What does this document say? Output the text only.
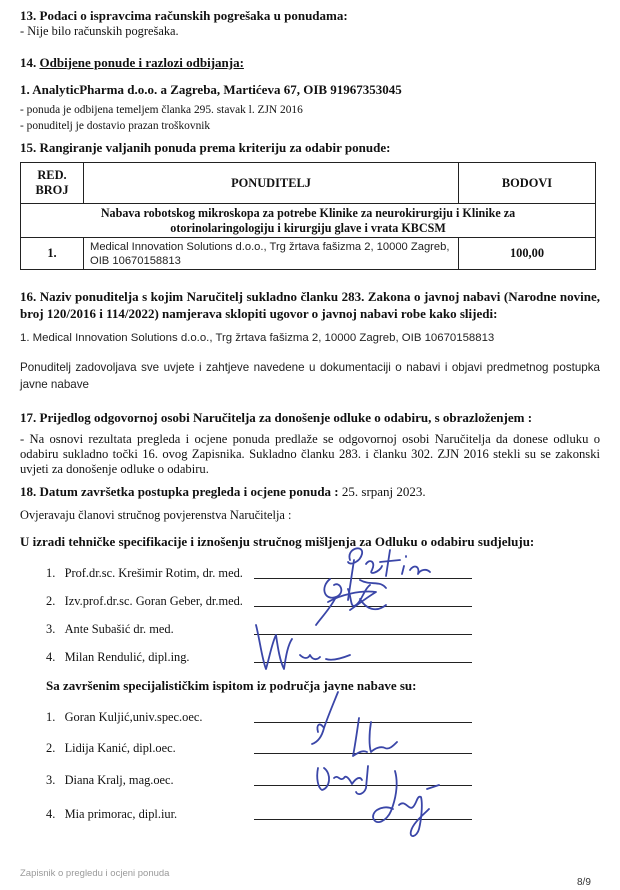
13. Podaci o ispravcima računskih pogrešaka u ponudama:
- Nije bilo računskih pogrešaka.
14. Odbijene ponude i razlozi odbijanja:
1. AnalyticPharma d.o.o. a Zagreba, Martićeva 67, OIB 91967353045
- ponuda je odbijena temeljem članka 295. stavak l. ZJN 2016
- ponuditelj je dostavio prazan troškovnik
15. Rangiranje valjanih ponuda prema kriteriju za odabir ponude:
RED. BROJ	PONUDITELJ	BODOVI
Nabava robotskog mikroskopa za potrebe Klinike za neurokirurgiju i Klinike za otorinolaringologiju i kirurgiju glave i vrata KBCSM		
1.	Medical Innovation Solutions d.o.o., Trg žrtava fašizma 2, 10000 Zagreb, OIB 10670158813	100,00
16. Naziv ponuditelja s kojim Naručitelj sukladno članku 283. Zakona o javnoj nabavi (Narodne novine, broj 120/2016 i 114/2022) namjerava sklopiti ugovor o javnoj nabavi robe kako slijedi:
1. Medical Innovation Solutions d.o.o., Trg žrtava fašizma 2, 10000 Zagreb, OIB 10670158813
Ponuditelj zadovoljava sve uvjete i zahtjeve navedene u dokumentaciji o nabavi i objavi predmetnog postupka javne nabave
17. Prijedlog odgovornoj osobi Naručitelja za donošenje odluke o odabiru, s obrazloženjem :
- Na osnovi rezultata pregleda i ocjene ponuda predlaže se odgovornoj osobi Naručitelja da donese odluku o odabiru sukladno točki 16. ovog Zapisnika. Sukladno članku 283. i članku 302. ZJN 2016 stekli su se zakonski uvjeti za donošenje odluke o odabiru.
18. Datum završetka postupka pregleda i ocjene ponuda : 25. srpanj 2023.
Ovjeravaju članovi stručnog povjerenstva Naručitelja :
U izradi tehničke specifikacije i iznošenju stručnog mišljenja za Odluku o odabiru sudjeluju:
1. Prof.dr.sc. Krešimir Rotim, dr. med.
2. Izv.prof.dr.sc. Goran Geber, dr.med.
3. Ante Subašić dr. med.
4. Milan Rendulić, dipl.ing.
Sa završenim specijalističkim ispitom iz područja javne nabave su:
1. Goran Kuljić,univ.spec.oec.
2. Lidija Kanić, dipl.oec.
3. Diana Kralj, mag.oec.
4. Mia primorac, dipl.iur.
Zapisnik o pregledu i ocjeni ponuda
8/9
